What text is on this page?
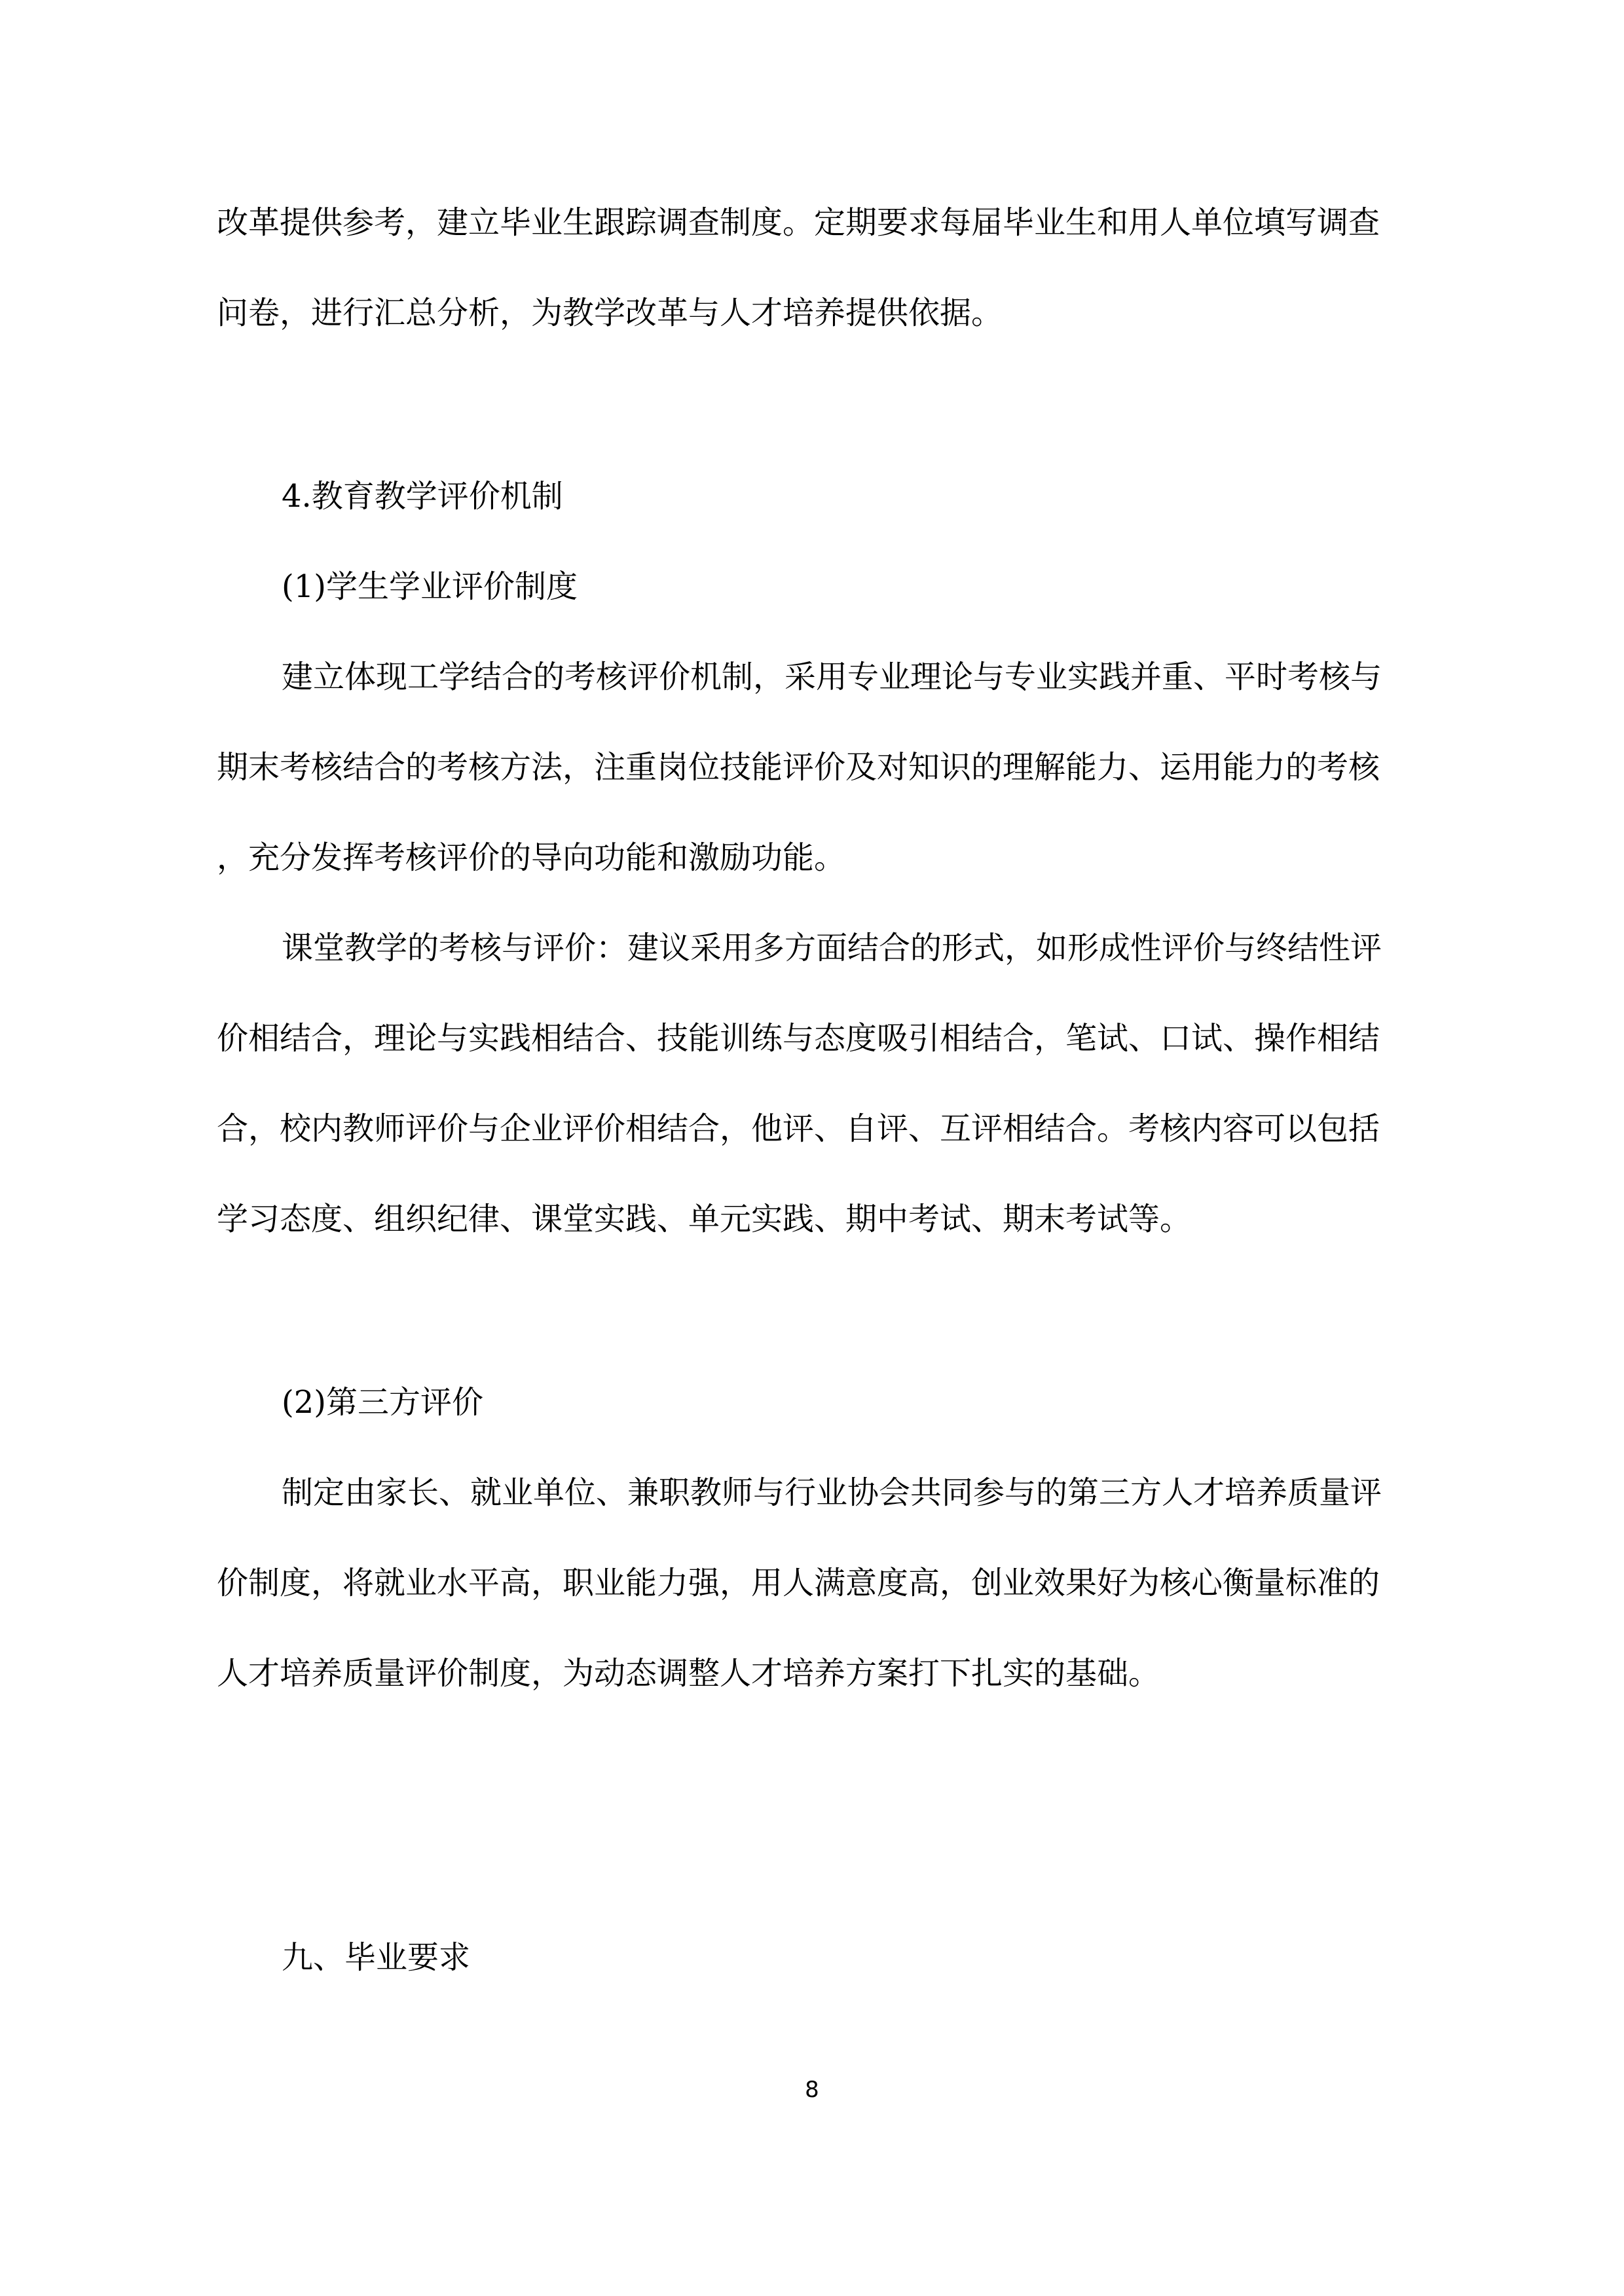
改革提供参考，建立毕业生跟踪调查制度。定期要求每届毕业生和用人单位填写调查
问卷，进行汇总分析，为教学改革与人才培养提供依据。
4.教育教学评价机制
(1)学生学业评价制度
建立体现工学结合的考核评价机制，采用专业理论与专业实践并重、平时考核与
期末考核结合的考核方法，注重岗位技能评价及对知识的理解能力、运用能力的考核
，充分发挥考核评价的导向功能和激励功能。
课堂教学的考核与评价：建议采用多方面结合的形式，如形成性评价与终结性评
价相结合，理论与实践相结合、技能训练与态度吸引相结合，笔试、口试、操作相结
合，校内教师评价与企业评价相结合，他评、自评、互评相结合。考核内容可以包括
学习态度、组织纪律、课堂实践、单元实践、期中考试、期末考试等。
(2)第三方评价
制定由家长、就业单位、兼职教师与行业协会共同参与的第三方人才培养质量评
价制度，将就业水平高，职业能力强，用人满意度高，创业效果好为核心衡量标准的
人才培养质量评价制度，为动态调整人才培养方案打下扎实的基础。
九、毕业要求
8
